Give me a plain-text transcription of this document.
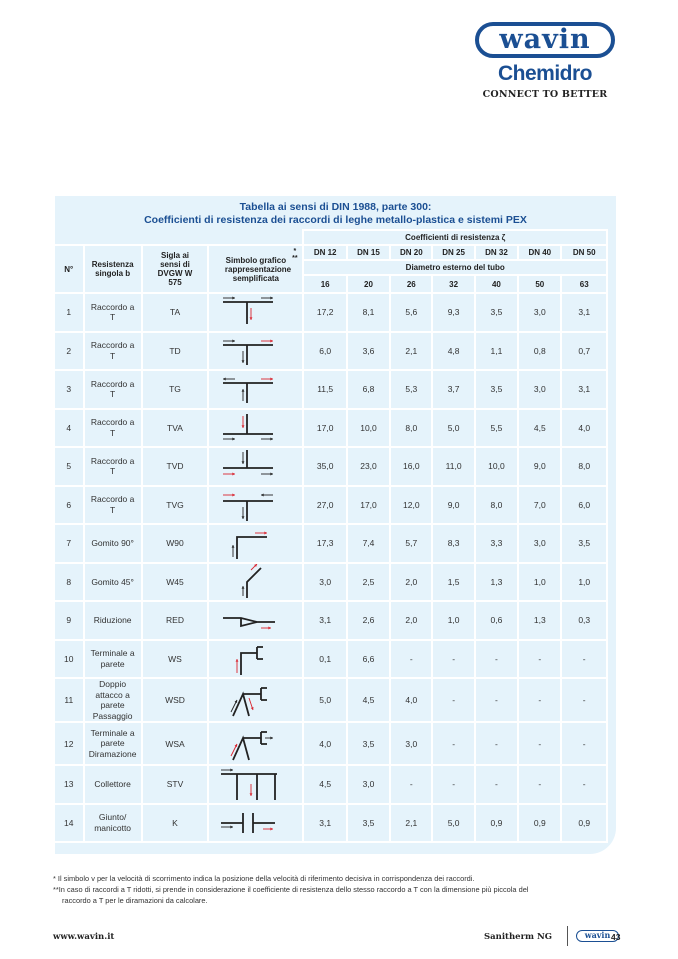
wavin
Chemidro
CONNECT TO BETTER
Tabella ai sensi di DIN 1988, parte 300:
Coefficienti di resistenza dei raccordi di leghe metallo-plastica e sistemi PEX
				Coefficienti di resistenza ζ						
N°	Resistenza singola b	Sigla ai sensi di DVGW W 575	Simbolo grafico rappresentazione semplificata
* **	DN 12	DN 15	DN 20	DN 25	DN 32	DN 40	DN 50
				Diametro esterno del tubo						
				16	20	26	32	40	50	63
1	Raccordo a T	TA		17,2	8,1	5,6	9,3	3,5	3,0	3,1
2	Raccordo a T	TD		6,0	3,6	2,1	4,8	1,1	0,8	0,7
3	Raccordo a T	TG		11,5	6,8	5,3	3,7	3,5	3,0	3,1
4	Raccordo a T	TVA		17,0	10,0	8,0	5,0	5,5	4,5	4,0
5	Raccordo a T	TVD		35,0	23,0	16,0	11,0	10,0	9,0	8,0
6	Raccordo a T	TVG		27,0	17,0	12,0	9,0	8,0	7,0	6,0
7	Gomito 90°	W90		17,3	7,4	5,7	8,3	3,3	3,0	3,5
8	Gomito 45°	W45		3,0	2,5	2,0	1,5	1,3	1,0	1,0
9	Riduzione	RED		3,1	2,6	2,0	1,0	0,6	1,3	0,3
10	Terminale a parete	WS		0,1	6,6	-	-	-	-	-
11	Doppio attacco a parete Passaggio	WSD		5,0	4,5	4,0	-	-	-	-
12	Terminale a parete Diramazione	WSA		4,0	3,5	3,0	-	-	-	-
13	Collettore	STV		4,5	3,0	-	-	-	-	-
14	Giunto/ manicotto	K		3,1	3,5	2,1	5,0	0,9	0,9	0,9
* Il simbolo v per la velocità di scorrimento indica la posizione della velocità di riferimento decisiva in corrispondenza dei raccordi.
**In caso di raccordi a T ridotti, si prende in considerazione il coefficiente di resistenza dello stesso raccordo a T con la dimensione più piccola del
raccordo a T per le diramazioni da calcolare.
www.wavin.it	Sanitherm NG	wavin 43
